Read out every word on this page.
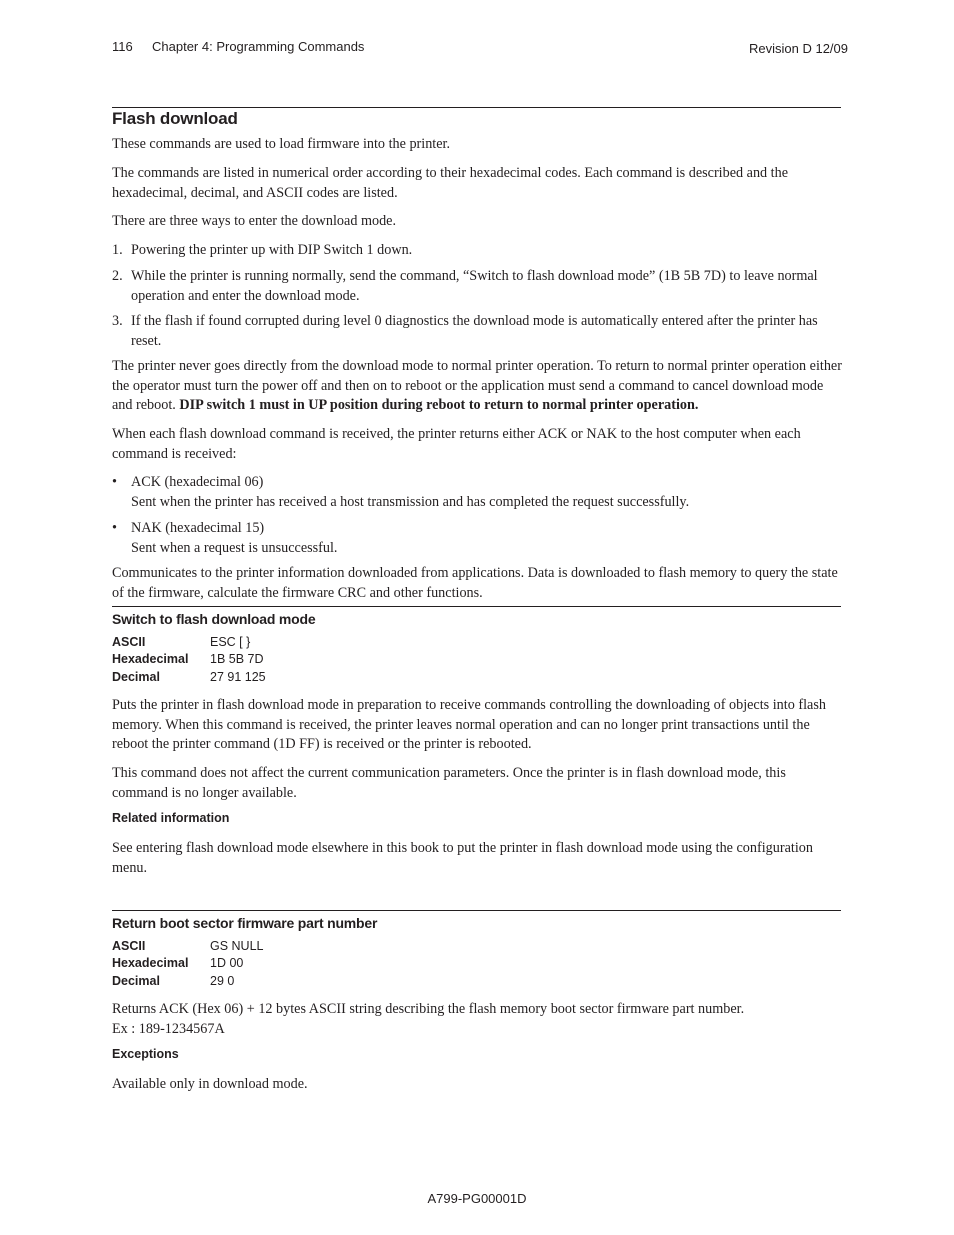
116 Chapter 4: Programming Commands	Revision D 12/09
Flash download
These commands are used to load firmware into the printer.
The commands are listed in numerical order according to their hexadecimal codes. Each command is described and the hexadecimal, decimal, and ASCII codes are listed.
There are three ways to enter the download mode.
1. Powering the printer up with DIP Switch 1 down.
2. While the printer is running normally, send the command, “Switch to flash download mode” (1B 5B 7D) to leave normal operation and enter the download mode.
3. If the flash if found corrupted during level 0 diagnostics the download mode is automatically entered after the printer has reset.
The printer never goes directly from the download mode to normal printer operation. To return to normal printer operation either the operator must turn the power off and then on to reboot or the application must send a command to cancel download mode and reboot. DIP switch 1 must in UP position during reboot to return to normal printer operation.
When each flash download command is received, the printer returns either ACK or NAK to the host computer when each command is received:
• ACK (hexadecimal 06)
Sent when the printer has received a host transmission and has completed the request successfully.
• NAK (hexadecimal 15)
Sent when a request is unsuccessful.
Communicates to the printer information downloaded from applications. Data is downloaded to flash memory to query the state of the firmware, calculate the firmware CRC and other functions.
Switch to flash download mode
ASCII	ESC [ }
Hexadecimal 1B 5B 7D
Decimal	27 91 125
Puts the printer in flash download mode in preparation to receive commands controlling the downloading of objects into flash memory. When this command is received, the printer leaves normal operation and can no longer print transactions until the reboot the printer command (1D FF) is received or the printer is rebooted.
This command does not affect the current communication parameters. Once the printer is in flash download mode, this command is no longer available.
Related information
See entering flash download mode elsewhere in this book to put the printer in flash download mode using the configuration menu.
Return boot sector firmware part number
ASCII	GS NULL
Hexadecimal 1D 00
Decimal	29 0
Returns ACK (Hex 06) + 12 bytes ASCII string describing the flash memory boot sector firmware part number.
Ex : 189-1234567A
Exceptions
Available only in download mode.
A799-PG00001D
